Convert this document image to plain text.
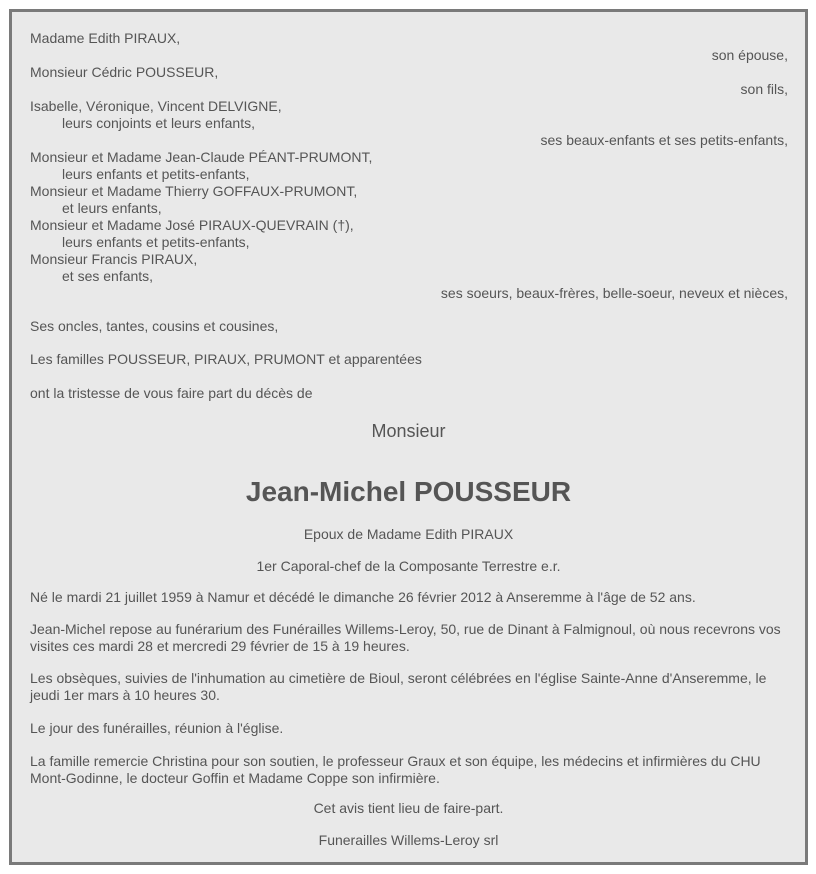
Madame Edith PIRAUX,
son épouse,
Monsieur Cédric POUSSEUR,
son fils,
Isabelle, Véronique, Vincent DELVIGNE,
leurs conjoints et leurs enfants,
ses beaux-enfants et ses petits-enfants,
Monsieur et Madame Jean-Claude PÉANT-PRUMONT,
leurs enfants et petits-enfants,
Monsieur et Madame Thierry GOFFAUX-PRUMONT,
et leurs enfants,
Monsieur et Madame José PIRAUX-QUEVRAIN (†),
leurs enfants et petits-enfants,
Monsieur Francis PIRAUX,
et ses enfants,
ses soeurs, beaux-frères, belle-soeur, neveux et nièces,
Ses oncles, tantes, cousins et cousines,
Les familles POUSSEUR, PIRAUX, PRUMONT et apparentées
ont la tristesse de vous faire part du décès de
Monsieur
Jean-Michel POUSSEUR
Epoux de Madame Edith PIRAUX
1er Caporal-chef de la Composante Terrestre e.r.
Né le mardi 21 juillet 1959 à Namur et décédé le dimanche 26 février 2012 à Anseremme à l'âge de 52 ans.
Jean-Michel repose au funérarium des Funérailles Willems-Leroy, 50, rue de Dinant à Falmignoul, où nous recevrons vos visites ces mardi 28 et mercredi 29 février de 15 à 19 heures.
Les obsèques, suivies de l'inhumation au cimetière de Bioul, seront célébrées en l'église Sainte-Anne d'Anseremme, le jeudi 1er mars à 10 heures 30.
Le jour des funérailles, réunion à l'église.
La famille remercie Christina pour son soutien, le professeur Graux et son équipe, les médecins et infirmières du CHU Mont-Godinne, le docteur Goffin et Madame Coppe son infirmière.
Cet avis tient lieu de faire-part.
Funerailles Willems-Leroy srl
